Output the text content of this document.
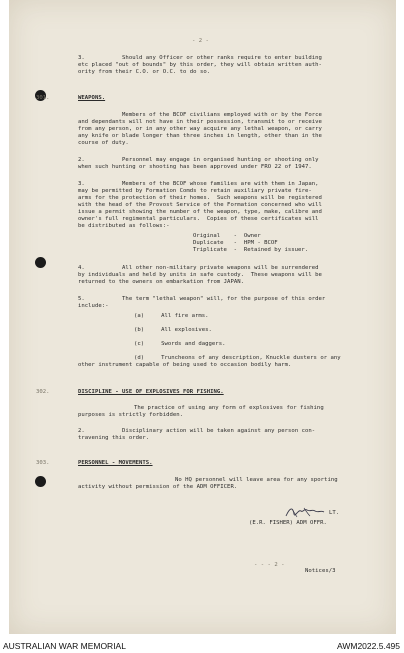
- 2 -
3.           Should any Officer or other ranks require to enter building
etc placed "out of bounds" by this order, they will obtain written auth-
ority from their C.O. or O.C. to do so.
301.	WEAPONS.
Members of the BCOF civilians employed with or by the Force
and dependants will not have in their possession, transmit to or receive
from any person, or in any other way acquire any lethal weapon, or carry
any knife or blade longer than three inches in length, other than in the
course of duty.
2.           Personnel may engage in organised hunting or shooting only
when such hunting or shooting has been approved under FRO 22 of 1947.
3.           Members of the BCOF whose families are with them in Japan,
may be permitted by Formation Comds to retain auxiliary private fire-
arms for the protection of their homes.  Such weapons will be registered
with the head of the Provost Service of the Formation concerned who will
issue a permit showing the number of the weapon, type, make, calibre and
owner's full regimental particulars.  Copies of these certificates will
be distributed as follows:-
Original    -  Owner
Duplicate   -  HPM - BCOF
Triplicate  -  Retained by issuer.
4.           All other non-military private weapons will be surrendered
by individuals and held by units in safe custody.  These weapons will be
returned to the owners on embarkation from JAPAN.
5.           The term "lethal weapon" will, for the purpose of this order
include:-
(a)     All fire arms.
(b)     All explosives.
(c)     Swords and daggers.
(d)     Truncheons of any description, Knuckle dusters or any
other instrument capable of being used to occasion bodily harm.
302.	DISCIPLINE - USE OF EXPLOSIVES FOR FISHING.
The practice of using any form of explosives for fishing
purposes is strictly forbidden.
2.           Disciplinary action will be taken against any person con-
travening this order.
303.	PERSONNEL - MOVEMENTS.
No HQ personnel will leave area for any sporting
activity without permission of the ADM OFFICER.
LT.
(E.R. FISHER) ADM OFFR.
- - - 2 -
Notices/3
AUSTRALIAN WAR MEMORIAL	AWM2022.5.495
